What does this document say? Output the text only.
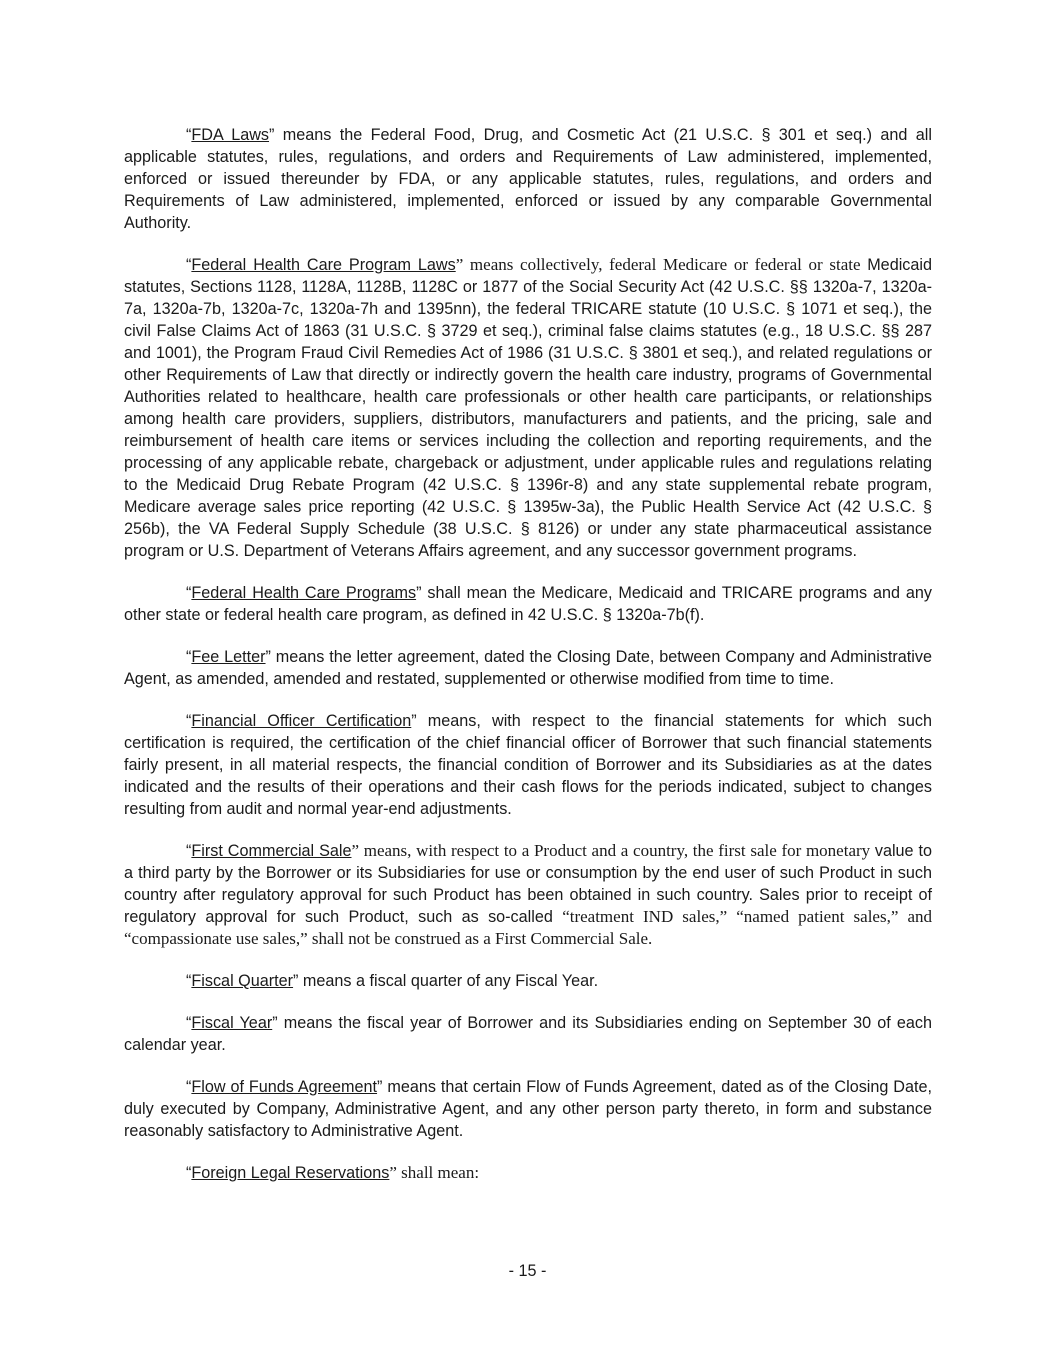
“FDA Laws” means the Federal Food, Drug, and Cosmetic Act (21 U.S.C. § 301 et seq.) and all applicable statutes, rules, regulations, and orders and Requirements of Law administered, implemented, enforced or issued thereunder by FDA, or any applicable statutes, rules, regulations, and orders and Requirements of Law administered, implemented, enforced or issued by any comparable Governmental Authority.

“Federal Health Care Program Laws” means collectively, federal Medicare or federal or state Medicaid statutes, Sections 1128, 1128A, 1128B, 1128C or 1877 of the Social Security Act (42 U.S.C. §§ 1320a-7, 1320a-7a, 1320a-7b, 1320a-7c, 1320a-7h and 1395nn), the federal TRICARE statute (10 U.S.C. § 1071 et seq.), the civil False Claims Act of 1863 (31 U.S.C. § 3729 et seq.), criminal false claims statutes (e.g., 18 U.S.C. §§ 287 and 1001), the Program Fraud Civil Remedies Act of 1986 (31 U.S.C. § 3801 et seq.), and related regulations or other Requirements of Law that directly or indirectly govern the health care industry, programs of Governmental Authorities related to healthcare, health care professionals or other health care participants, or relationships among health care providers, suppliers, distributors, manufacturers and patients, and the pricing, sale and reimbursement of health care items or services including the collection and reporting requirements, and the processing of any applicable rebate, chargeback or adjustment, under applicable rules and regulations relating to the Medicaid Drug Rebate Program (42 U.S.C. § 1396r-8) and any state supplemental rebate program, Medicare average sales price reporting (42 U.S.C. § 1395w-3a), the Public Health Service Act (42 U.S.C. § 256b), the VA Federal Supply Schedule (38 U.S.C. § 8126) or under any state pharmaceutical assistance program or U.S. Department of Veterans Affairs agreement, and any successor government programs.

“Federal Health Care Programs” shall mean the Medicare, Medicaid and TRICARE programs and any other state or federal health care program, as defined in 42 U.S.C. § 1320a-7b(f).

“Fee Letter” means the letter agreement, dated the Closing Date, between Company and Administrative Agent, as amended, amended and restated, supplemented or otherwise modified from time to time.

“Financial Officer Certification” means, with respect to the financial statements for which such certification is required, the certification of the chief financial officer of Borrower that such financial statements fairly present, in all material respects, the financial condition of Borrower and its Subsidiaries as at the dates indicated and the results of their operations and their cash flows for the periods indicated, subject to changes resulting from audit and normal year-end adjustments.

“First Commercial Sale” means, with respect to a Product and a country, the first sale for monetary value to a third party by the Borrower or its Subsidiaries for use or consumption by the end user of such Product in such country after regulatory approval for such Product has been obtained in such country. Sales prior to receipt of regulatory approval for such Product, such as so-called “treatment IND sales,” “named patient sales,” and “compassionate use sales,” shall not be construed as a First Commercial Sale.

“Fiscal Quarter” means a fiscal quarter of any Fiscal Year.

“Fiscal Year” means the fiscal year of Borrower and its Subsidiaries ending on September 30 of each calendar year.

“Flow of Funds Agreement” means that certain Flow of Funds Agreement, dated as of the Closing Date, duly executed by Company, Administrative Agent, and any other person party thereto, in form and substance reasonably satisfactory to Administrative Agent.

“Foreign Legal Reservations” shall mean:

- 15 -
